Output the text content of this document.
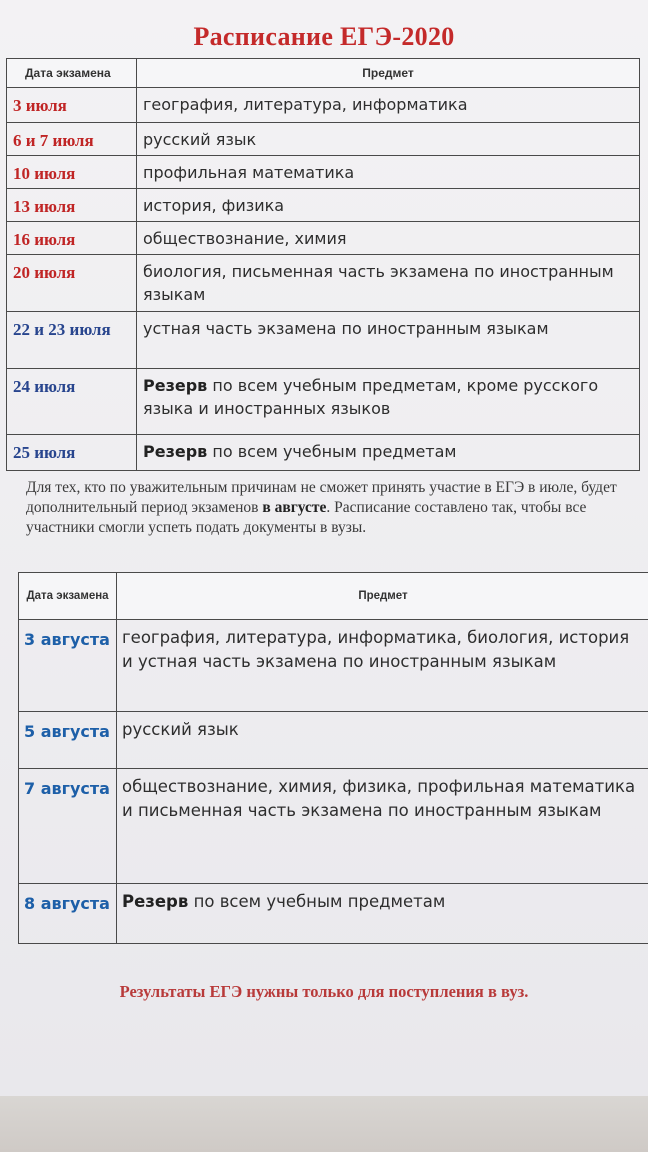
Расписание ЕГЭ-2020
Дата экзамена	Предмет
3 июля	география, литература, информатика
6 и 7 июля	русский язык
10 июля	профильная математика
13 июля	история, физика
16 июля	обществознание, химия
20 июля	биология, письменная часть экзамена по иностранным языкам
22 и 23 июля	устная часть экзамена по иностранным языкам
24 июля	Резерв по всем учебным предметам, кроме русского языка и иностранных языков
25 июля	Резерв по всем учебным предметам

Для тех, кто по уважительным причинам не сможет принять участие в ЕГЭ в июле, будет дополнительный период экзаменов в августе. Расписание составлено так, чтобы все участники смогли успеть подать документы в вузы.

Дата экзамена	Предмет
3 августа	география, литература, информатика, биология, история и устная часть экзамена по иностранным языкам
5 августа	русский язык
7 августа	обществознание, химия, физика, профильная математика и письменная часть экзамена по иностранным языкам
8 августа	Резерв по всем учебным предметам

Результаты ЕГЭ нужны только для поступления в вуз.
